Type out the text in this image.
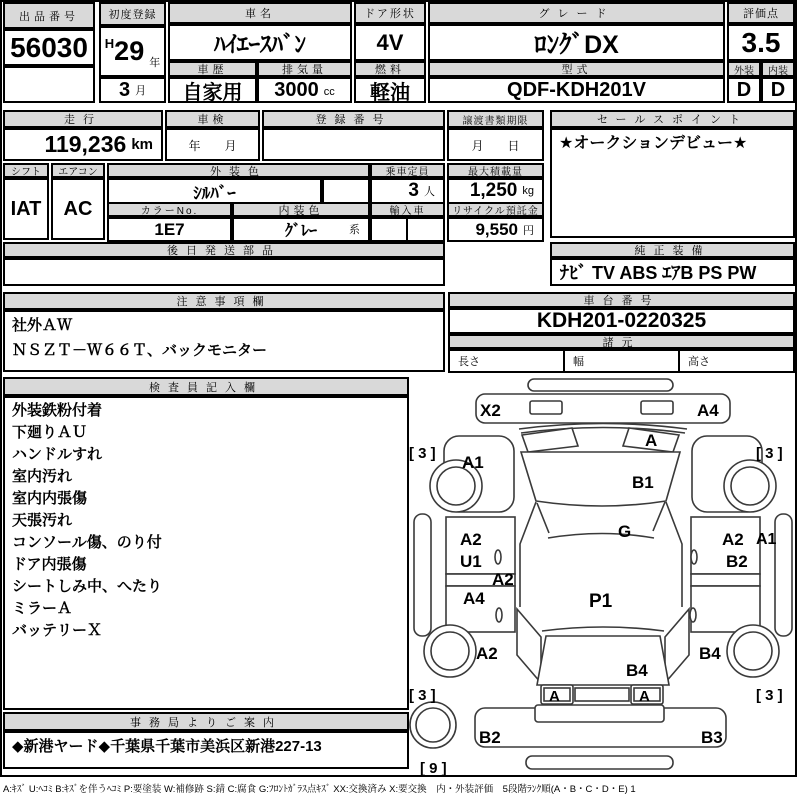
出品番号
56030
初度登録
H 29 年
3 月
車名
ﾊｲｴｰｽﾊﾞﾝ
車歴
自家用
排気量
3000 cc
ドア形状
4V
燃料
軽油
グレード
ﾛﾝｸﾞDX
型式
QDF-KDH201V
評価点
3.5
外装	内装
D D
走行
119,236 km
車検
年　　月
登録番号	譲渡書類期限
月　　日
セールスポイント
★オークションデビュー★
シフト	エアコン
IAT	AC
外装色
ｼﾙﾊﾞｰ
乗車定員
3 人
最大積載量
1,250 kg
カラーNo.
1E7
内装色
ｸﾞﾚｰ	系
輸入車	リサイクル預託金
9,550 円
純正装備
ﾅﾋﾞ TV ABS ｴｱB PS PW
後日発送部品
注意事項欄
社外ＡＷ
ＮＳＺＴ－Ｗ６６Ｔ、バックモニター
車台番号
KDH201-0220325
諸元
長さ	幅	高さ
検査員記入欄
外装鉄粉付着
下廻りＡＵ
ハンドルすれ
室内汚れ
室内内張傷
天張汚れ
コンソール傷、のり付
ドア内張傷
シートしみ中、へたり
ミラーＡ
バッテリーＸ
事務局よりご案内
◆新港ヤード◆千葉県千葉市美浜区新港227-13
X2	A4
A
B1
A1
G
A2
U1
A2
B2
A1
A2
A4	P1
A2	B4
B4
A	A
B2	B3
[ 3 ]	[ 3 ]
[ 3 ]	[ 3 ]
[ 9 ]
A:ｷｽﾞ U:ﾍｺﾐ B:ｷｽﾞを伴うﾍｺﾐ P:要塗装 W:補修跡 S:錆 C:腐食 G:ﾌﾛﾝﾄｶﾞﾗｽ点ｷｽﾞ XX:交換済み X:要交換　内・外装評価　5段階ﾗﾝｸ順(A・B・C・D・E) 1
